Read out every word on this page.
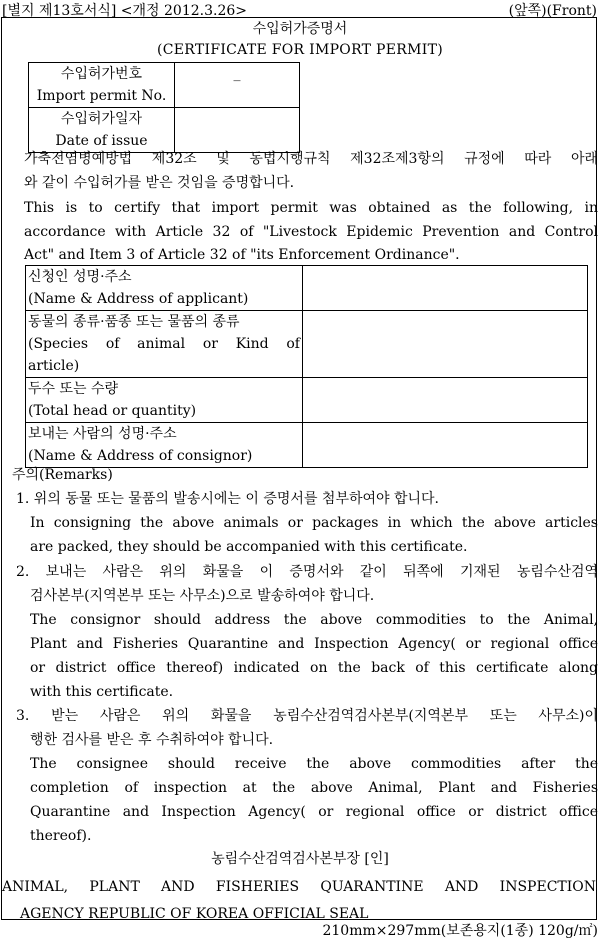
[별지 제13호서식] <개정 2012.3.26>	(앞쪽)(Front)
수입허가증명서
(CERTIFICATE FOR IMPORT PERMIT)
수입허가번호
Import permit No.	_

수입허가일자
Date of issue	

가축전염병예방법 제32조 및 동법시행규칙 제32조제3항의 규정에 따라 아래
와 같이 수입허가를 받은 것임을 증명합니다.
This is to certify that import permit was obtained as the following, in
accordance with Article 32 of "Livestock Epidemic Prevention and Control
Act" and Item 3 of Article 32 of "its Enforcement Ordinance".
신청인 성명·주소
(Name & Address of applicant)	

동물의 종류·품종 또는 물품의 종류
(Species of animal or Kind of
article)	

두수 또는 수량
(Total head or quantity)	

보내는 사람의 성명·주소
(Name & Address of consignor)	

주의(Remarks)
1. 위의 동물 또는 물품의 발송시에는 이 증명서를 첨부하여야 합니다.
In consigning the above animals or packages in which the above articles
are packed, they should be accompanied with this certificate.
2. 보내는 사람은 위의 화물을 이 증명서와 같이 뒤쪽에 기재된 농림수산검역
검사본부(지역본부 또는 사무소)으로 발송하여야 합니다.
The consignor should address the above commodities to the Animal,
Plant and Fisheries Quarantine and Inspection Agency( or regional office
or district office thereof) indicated on the back of this certificate along
with this certificate.
3. 받는 사람은 위의 화물을 농림수산검역검사본부(지역본부 또는 사무소)이
행한 검사를 받은 후 수취하여야 합니다.
The consignee should receive the above commodities after the
completion of inspection at the above Animal, Plant and Fisheries
Quarantine and Inspection Agency( or regional office or district office
thereof).
농림수산검역검사본부장 [인]
ANIMAL, PLANT AND FISHERIES QUARANTINE AND INSPECTION
AGENCY REPUBLIC OF KOREA OFFICIAL SEAL
210mm×297mm(보존용지(1종) 120g/㎡)
